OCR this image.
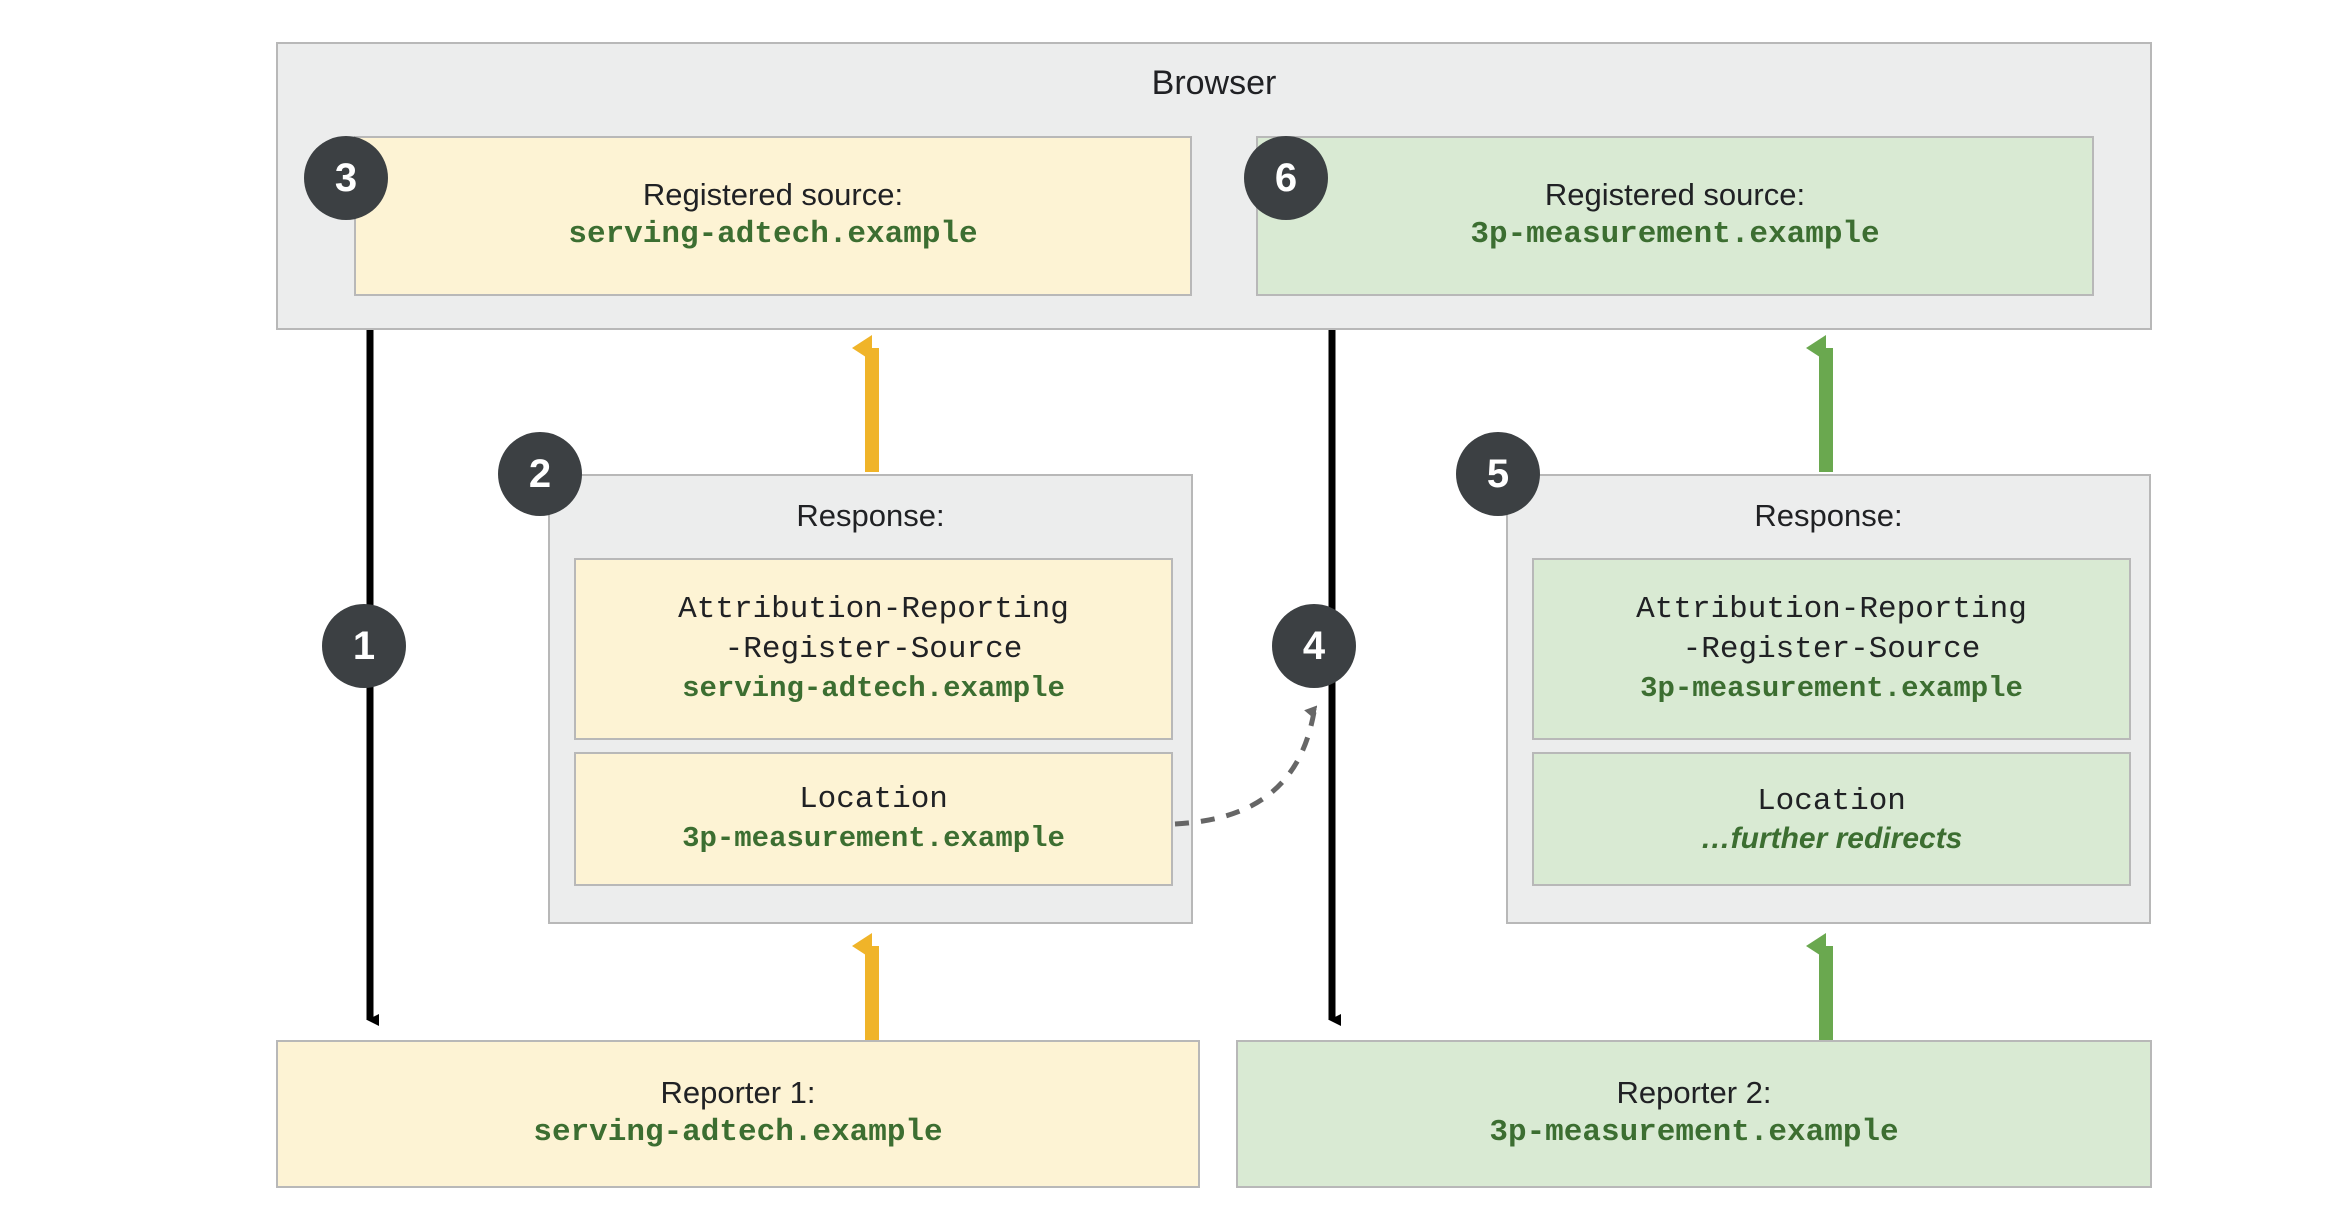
Browser
Registered source:
serving-adtech.example
Registered source:
3p-measurement.example
Response:
Attribution-Reporting
-Register-Source
serving-adtech.example
Location
3p-measurement.example
Response:
Attribution-Reporting
-Register-Source
3p-measurement.example
Location
…further redirects
Reporter 1:
serving-adtech.example
Reporter 2:
3p-measurement.example
1
2
3
4
5
6
